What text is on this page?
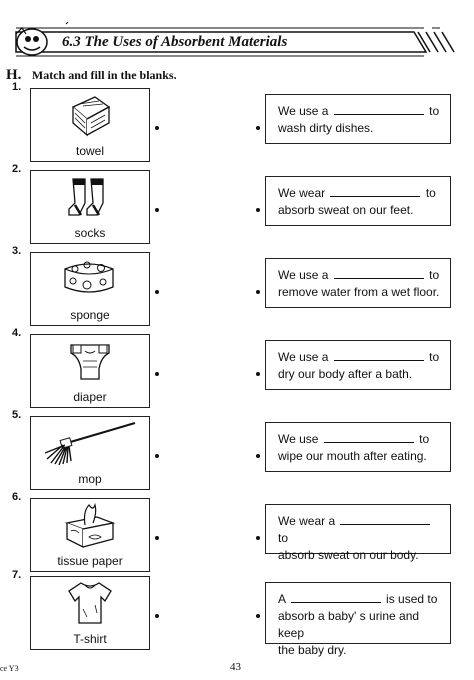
6.3 The Uses of Absorbent Materials
H. Match and fill in the blanks.
1.
towel
We use a	to
wash dirty dishes.
2.
socks
We wear	to
absorb sweat on our feet.
3.
sponge
We use a	to
remove water from a wet floor.
4.
diaper
We use a	to
dry our body after a bath.
5.
mop
We use	to
wipe our mouth after eating.
6.
tissue paper
We wear a  to
absorb sweat on our body.
7.
T-shirt
A	is used to
absorb a baby' s urine and keep
the baby dry.
ce Y3	43
